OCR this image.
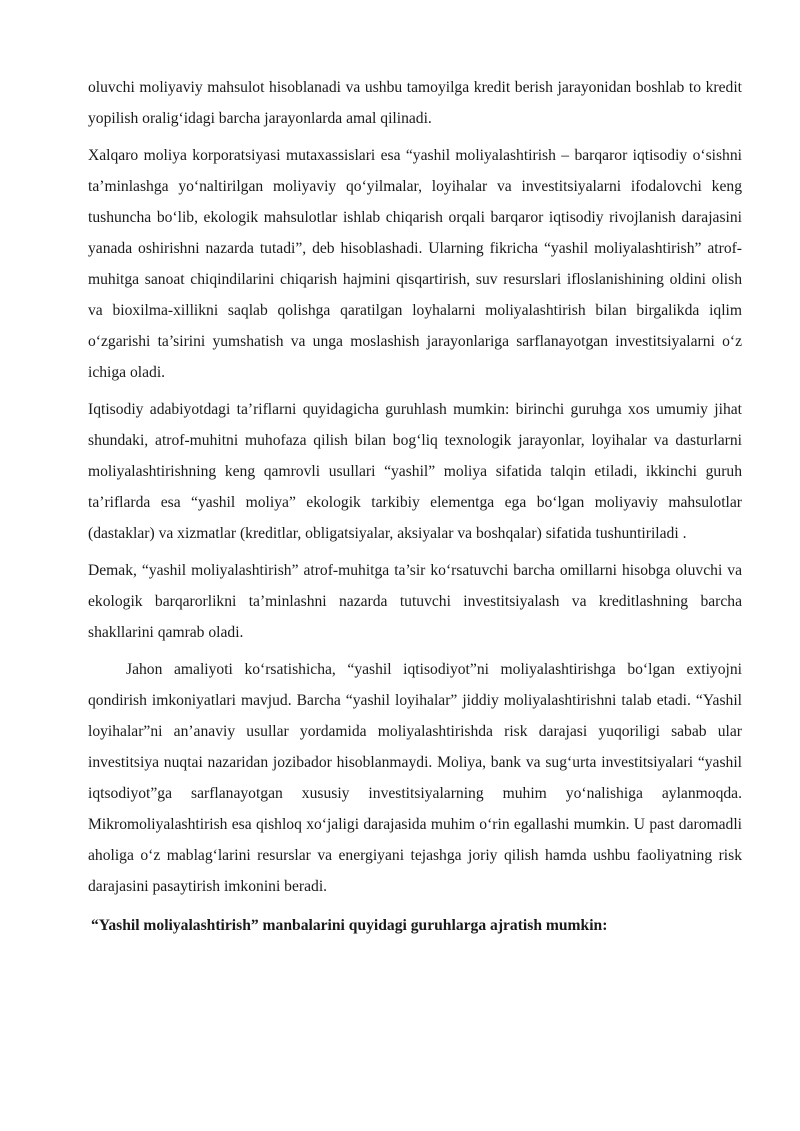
oluvchi moliyaviy mahsulot hisoblanadi va ushbu tamoyilga kredit berish jarayonidan boshlab to kredit yopilish oralig‘idagi barcha jarayonlarda amal qilinadi.

Xalqaro moliya korporatsiyasi mutaxassislari esa “yashil moliyalashtirish – barqaror iqtisodiy o‘sishni ta’minlashga yo‘naltirilgan moliyaviy qo‘yilmalar, loyihalar va investitsiyalarni ifodalovchi keng tushuncha bo‘lib, ekologik mahsulotlar ishlab chiqarish orqali barqaror iqtisodiy rivojlanish darajasini yanada oshirishni nazarda tutadi”, deb hisoblashadi. Ularning fikricha “yashil moliyalashtirish” atrof-muhitga sanoat chiqindilarini chiqarish hajmini qisqartirish, suv resurslari ifloslanishining oldini olish va bioxilma-xillikni saqlab qolishga qaratilgan loyhalarni moliyalashtirish bilan birgalikda iqlim o‘zgarishi ta’sirini yumshatish va unga moslashish jarayonlariga sarflanayotgan investitsiyalarni o‘z ichiga oladi.

Iqtisodiy adabiyotdagi ta’riflarni quyidagicha guruhlash mumkin: birinchi guruhga xos umumiy jihat shundaki, atrof-muhitni muhofaza qilish bilan bog‘liq texnologik jarayonlar, loyihalar va dasturlarni moliyalashtirishning keng qamrovli usullari “yashil” moliya sifatida talqin etiladi, ikkinchi guruh ta’riflarda esa “yashil moliya” ekologik tarkibiy elementga ega bo‘lgan moliyaviy mahsulotlar (dastaklar) va xizmatlar (kreditlar, obligatsiyalar, aksiyalar va boshqalar) sifatida tushuntiriladi .

Demak, “yashil moliyalashtirish” atrof-muhitga ta’sir ko‘rsatuvchi barcha omillarni hisobga oluvchi va ekologik barqarorlikni ta’minlashni nazarda tutuvchi investitsiyalash va kreditlashning barcha shakllarini qamrab oladi.

Jahon amaliyoti ko‘rsatishicha, “yashil iqtisodiyot”ni moliyalashtirishga bo‘lgan extiyojni qondirish imkoniyatlari mavjud. Barcha “yashil loyihalar” jiddiy moliyalashtirishni talab etadi. “Yashil loyihalar”ni an’anaviy usullar yordamida moliyalashtirishda risk darajasi yuqoriligi sabab ular investitsiya nuqtai nazaridan jozibador hisoblanmaydi. Moliya, bank va sug‘urta investitsiyalari “yashil iqtsodiyot”ga sarflanayotgan xususiy investitsiyalarning muhim yo‘nalishiga aylanmoqda. Mikromoliyalashtirish esa qishloq xo‘jaligi darajasida muhim o‘rin egallashi mumkin. U past daromadli aholiga o‘z mablag‘larini resurslar va energiyani tejashga joriy qilish hamda ushbu faoliyatning risk darajasini pasaytirish imkonini beradi.

“Yashil moliyalashtirish” manbalarini quyidagi guruhlarga ajratish mumkin:
